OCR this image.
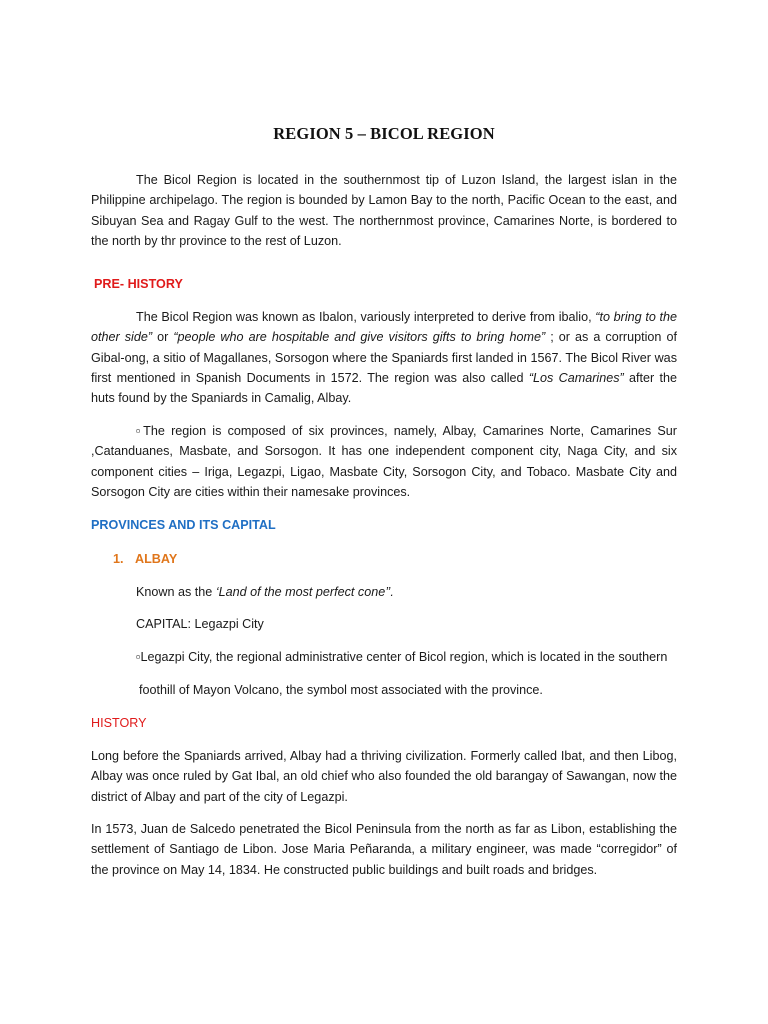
REGION 5 – BICOL REGION

The Bicol Region is located in the southernmost tip of Luzon Island, the largest islan in the Philippine archipelago. The region is bounded by Lamon Bay to the north, Pacific Ocean to the east, and Sibuyan Sea and Ragay Gulf to the west. The northernmost province, Camarines Norte, is bordered to the north by thr province to the rest of Luzon.

PRE- HISTORY

The Bicol Region was known as Ibalon, variously interpreted to derive from ibalio, “to bring to the other side” or “people who are hospitable and give visitors gifts to bring home” ; or as a corruption of Gibal-ong, a sitio of Magallanes, Sorsogon where the Spaniards first landed in 1567. The Bicol River was first mentioned in Spanish Documents in 1572. The region was also called “Los Camarines” after the huts found by the Spaniards in Camalig, Albay.

▫The region is composed of six provinces, namely, Albay, Camarines Norte, Camarines Sur ,Catanduanes, Masbate, and Sorsogon. It has one independent component city, Naga City, and six component cities – Iriga, Legazpi, Ligao, Masbate City, Sorsogon City, and Tobaco. Masbate City and Sorsogon City are cities within their namesake provinces.

PROVINCES AND ITS CAPITAL
1. ALBAY
Known as the ‘Land of the most perfect cone’’.
CAPITAL: Legazpi City
▫Legazpi City, the regional administrative center of Bicol region, which is located in the southern
foothill of Mayon Volcano, the symbol most associated with the province.
HISTORY

Long before the Spaniards arrived, Albay had a thriving civilization. Formerly called Ibat, and then Libog, Albay was once ruled by Gat Ibal, an old chief who also founded the old barangay of Sawangan, now the district of Albay and part of the city of Legazpi.

In 1573, Juan de Salcedo penetrated the Bicol Peninsula from the north as far as Libon, establishing the settlement of Santiago de Libon. Jose Maria Peñaranda, a military engineer, was made “corregidor” of the province on May 14, 1834. He constructed public buildings and built roads and bridges.
